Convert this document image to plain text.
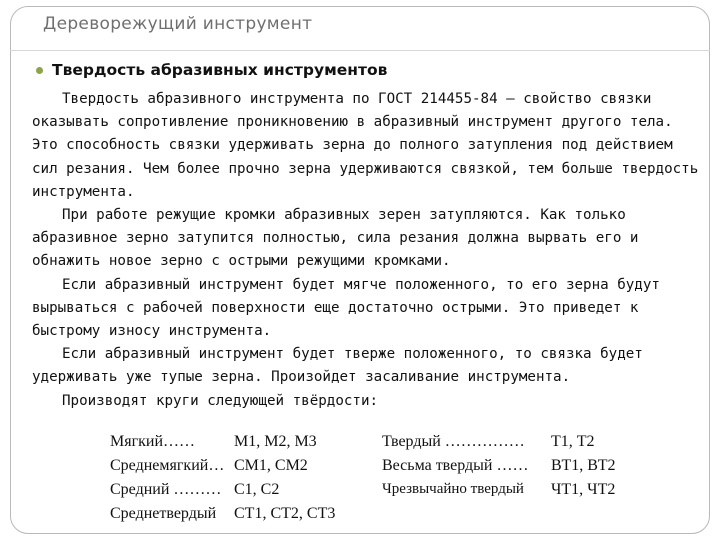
Дереворежущий инструмент
Твердость абразивных инструментов

Твердость абразивного инструмента по ГОСТ 214455-84 – свойство связки оказывать сопротивление проникновению в абразивный инструмент другого тела. Это способность связки удерживать зерна до полного затупления под действием сил резания. Чем более прочно зерна удерживаются связкой, тем больше твердость инструмента.

При работе режущие кромки абразивных зерен затупляются. Как только абразивное зерно затупится полностью, сила резания должна вырвать его и обнажить новое зерно с острыми режущими кромками.

Если абразивный инструмент будет мягче положенного, то его зерна будут вырываться с рабочей поверхности еще достаточно острыми. Это приведет к быстрому износу инструмента.

Если абразивный инструмент будет тверже положенного, то связка будет удерживать уже тупые зерна. Произойдет засаливание инструмента.

Производят круги следующей твёрдости:

Мягкий…… М1, М2, М3	Твердый …………… Т1, Т2
Среднемягкий… СМ1, СМ2	Весьма твердый …… ВТ1, ВТ2
Средний ……… С1, С2	Чрезвычайно твердый ЧТ1, ЧТ2
Среднетвердый СТ1, СТ2, СТ3
